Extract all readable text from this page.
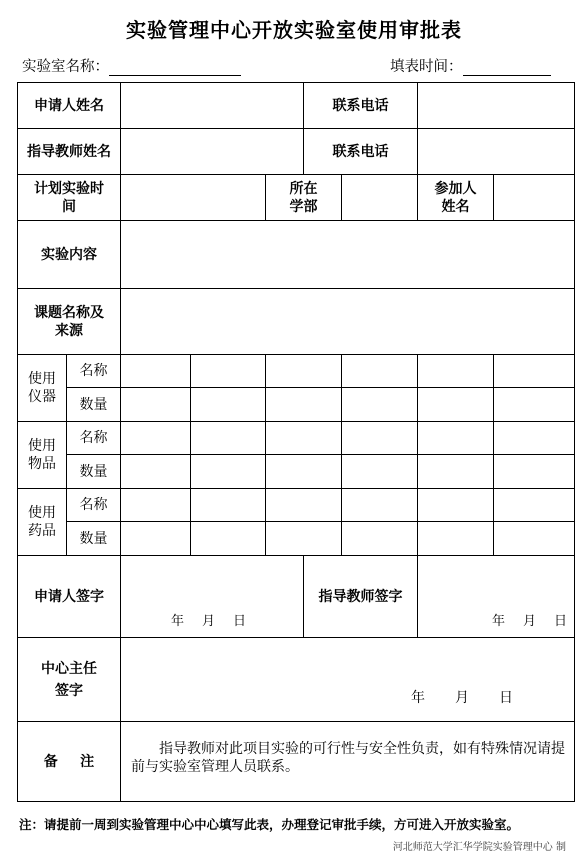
实验管理中心开放实验室使用审批表
实验室名称：	填表时间：
申请人姓名					联系电话			
指导教师姓名					联系电话			
计划实验时间				所在学部			参加人姓名	
实验内容								
课题名称及来源								
使用仪器	名称							
	数量							
使用物品	名称							
	数量							
使用药品	名称							
	数量							
申请人签字		年 月 日			指导教师签字		年 月 日	

中心主任签字		年 月 日						

备注		指导教师对此项目实验的可行性与安全性负责，如有特殊情况请提前与实验室管理人员联系。						
注：请提前一周到实验管理中心中心填写此表，办理登记审批手续，方可进入开放实验室。
河北师范大学汇华学院实验管理中心 制
